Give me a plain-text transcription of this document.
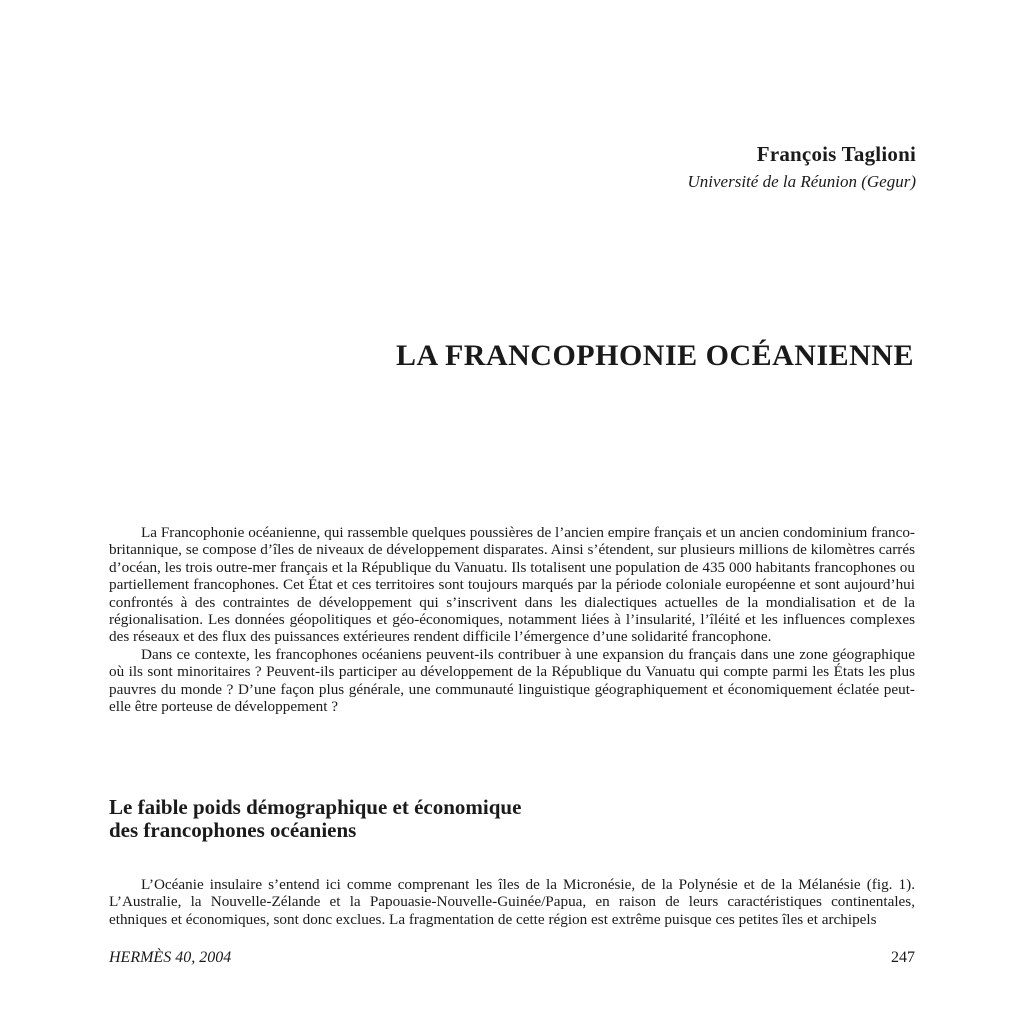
François Taglioni
Université de la Réunion (Gegur)
LA FRANCOPHONIE OCÉANIENNE

La Francophonie océanienne, qui rassemble quelques poussières de l’ancien empire français et un ancien condominium franco-britannique, se compose d’îles de niveaux de développement disparates. Ainsi s’étendent, sur plusieurs millions de kilomètres carrés d’océan, les trois outre-mer français et la République du Vanuatu. Ils totalisent une population de 435 000 habitants francophones ou partiellement francophones. Cet État et ces territoires sont toujours marqués par la période coloniale européenne et sont aujourd’hui confrontés à des contraintes de développement qui s’inscrivent dans les dialectiques actuelles de la mondialisation et de la régionalisation. Les données géopolitiques et géo-économiques, notamment liées à l’insularité, l’îléité et les influences complexes des réseaux et des flux des puissances extérieures rendent difficile l’émergence d’une solidarité francophone.

Dans ce contexte, les francophones océaniens peuvent-ils contribuer à une expansion du français dans une zone géographique où ils sont minoritaires ? Peuvent-ils participer au développement de la République du Vanuatu qui compte parmi les États les plus pauvres du monde ? D’une façon plus générale, une communauté linguistique géographiquement et économiquement éclatée peut-elle être porteuse de développement ?

Le faible poids démographique et économique
des francophones océaniens

L’Océanie insulaire s’entend ici comme comprenant les îles de la Micronésie, de la Polynésie et de la Mélanésie (fig. 1). L’Australie, la Nouvelle-Zélande et la Papouasie-Nouvelle-Guinée/Papua, en raison de leurs caractéristiques continentales, ethniques et économiques, sont donc exclues. La fragmentation de cette région est extrême puisque ces petites îles et archipels

HERMÈS 40, 2004	247
